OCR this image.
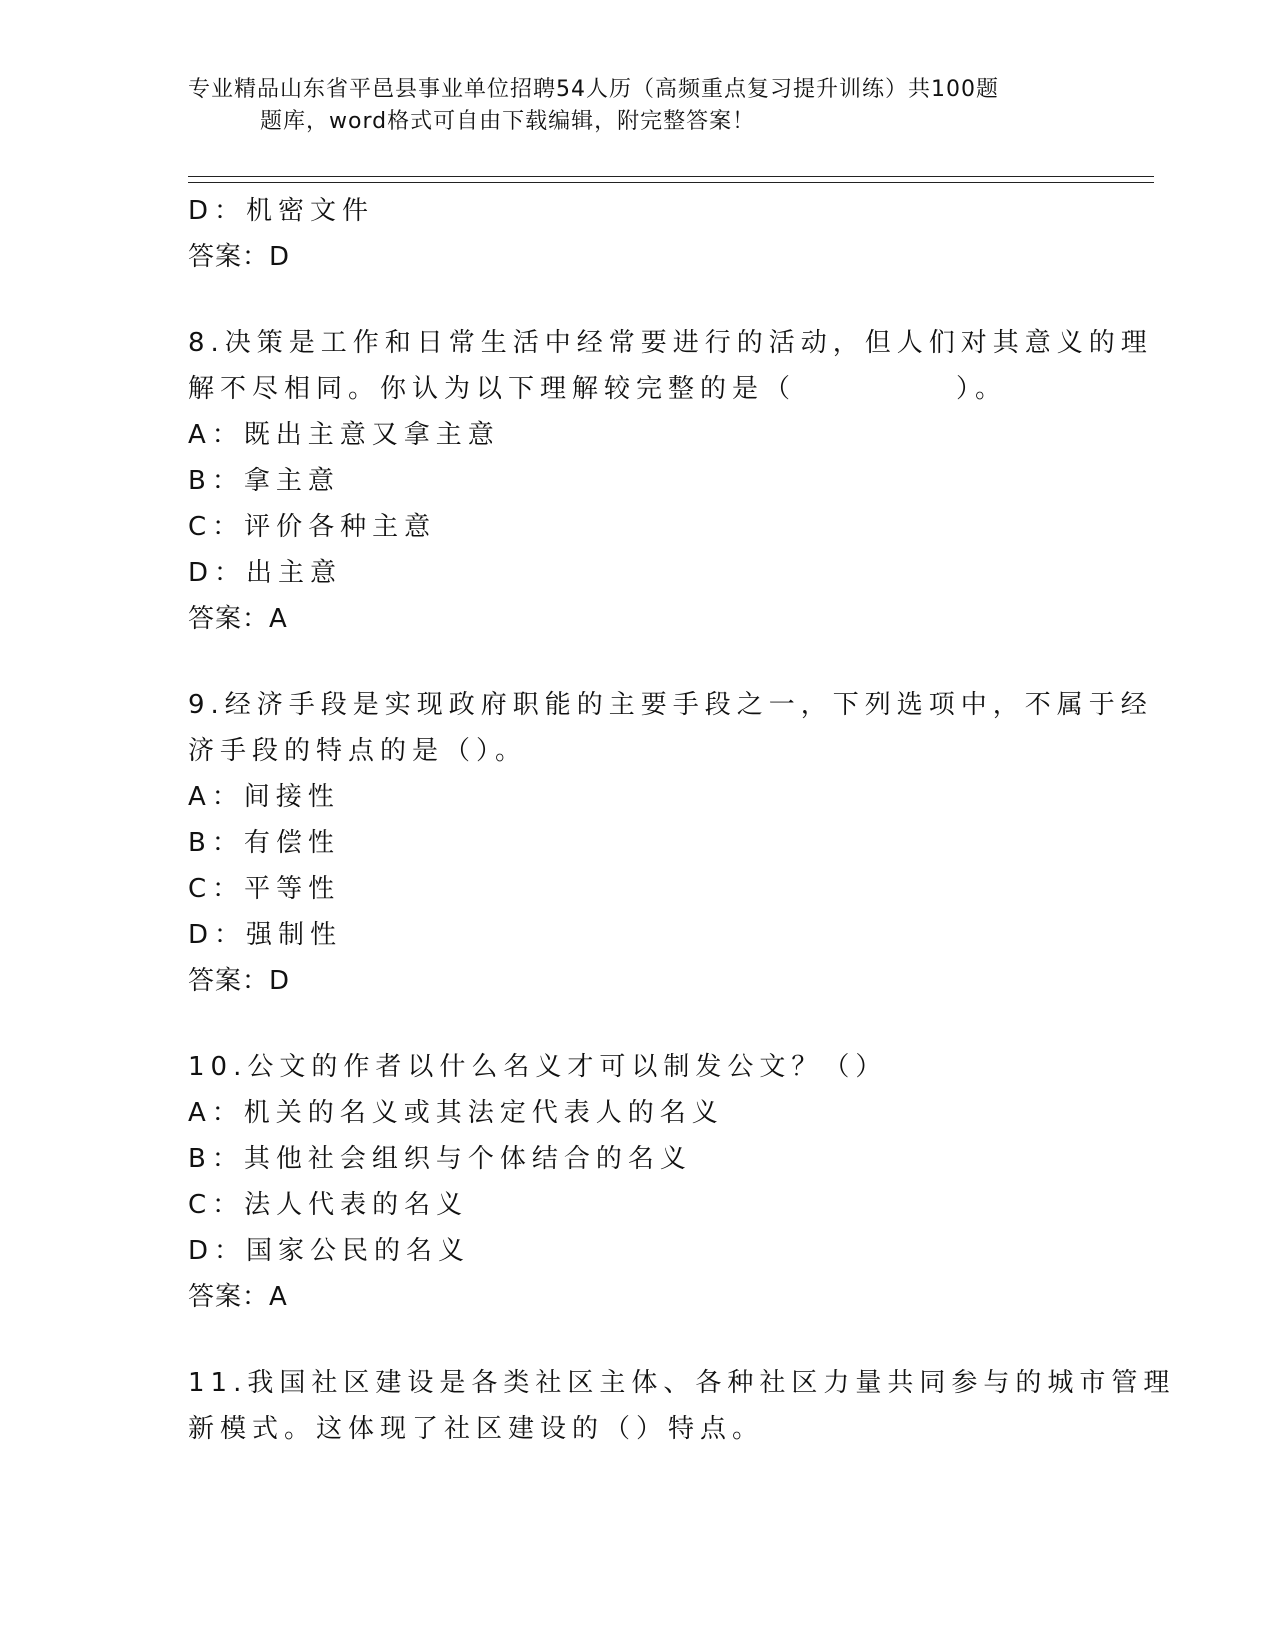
专业精品山东省平邑县事业单位招聘54人历（高频重点复习提升训练）共100题
题库，word格式可自由下载编辑，附完整答案！
D：机密文件
答案：D
8.决策是工作和日常生活中经常要进行的活动，但人们对其意义的理
解不尽相同。你认为以下理解较完整的是（　　　　　）。
A：既出主意又拿主意
B：拿主意
C：评价各种主意
D：出主意
答案：A
9.经济手段是实现政府职能的主要手段之一，下列选项中，不属于经
济手段的特点的是（）。
A：间接性
B：有偿性
C：平等性
D：强制性
答案：D
10.公文的作者以什么名义才可以制发公文？（）
A：机关的名义或其法定代表人的名义
B：其他社会组织与个体结合的名义
C：法人代表的名义
D：国家公民的名义
答案：A
11.我国社区建设是各类社区主体、各种社区力量共同参与的城市管理
新模式。这体现了社区建设的（）特点。
